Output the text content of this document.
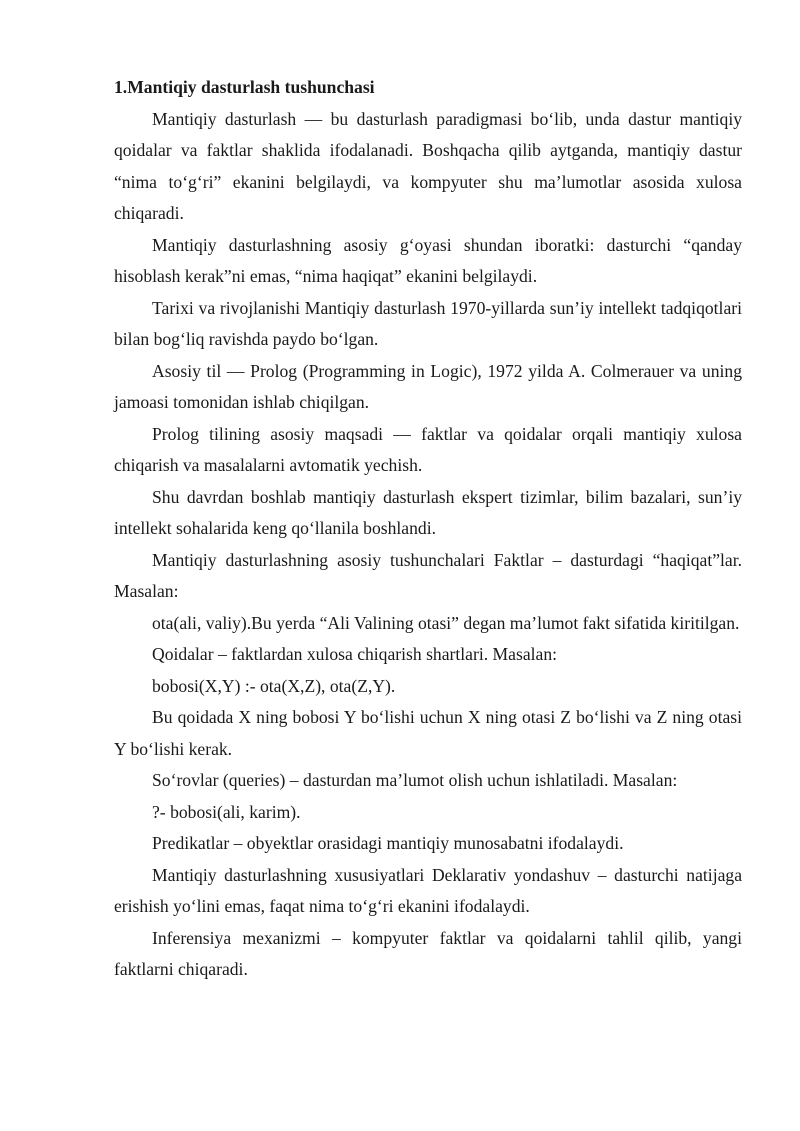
1.Mantiqiy dasturlash tushunchasi

Mantiqiy dasturlash — bu dasturlash paradigmasi bo‘lib, unda dastur mantiqiy qoidalar va faktlar shaklida ifodalanadi. Boshqacha qilib aytganda, mantiqiy dastur “nima to‘g‘ri” ekanini belgilaydi, va kompyuter shu ma’lumotlar asosida xulosa chiqaradi.

Mantiqiy dasturlashning asosiy g‘oyasi shundan iboratki: dasturchi “qanday hisoblash kerak”ni emas, “nima haqiqat” ekanini belgilaydi.

Tarixi va rivojlanishi Mantiqiy dasturlash 1970-yillarda sun’iy intellekt tadqiqotlari bilan bog‘liq ravishda paydo bo‘lgan.

Asosiy til — Prolog (Programming in Logic), 1972 yilda A. Colmerauer va uning jamoasi tomonidan ishlab chiqilgan.

Prolog tilining asosiy maqsadi — faktlar va qoidalar orqali mantiqiy xulosa chiqarish va masalalarni avtomatik yechish.

Shu davrdan boshlab mantiqiy dasturlash ekspert tizimlar, bilim bazalari, sun’iy intellekt sohalarida keng qo‘llanila boshlandi.

Mantiqiy dasturlashning asosiy tushunchalari Faktlar – dasturdagi “haqiqat”lar. Masalan:

ota(ali, valiy).Bu yerda “Ali Valining otasi” degan ma’lumot fakt sifatida kiritilgan.

Qoidalar – faktlardan xulosa chiqarish shartlari. Masalan:

bobosi(X,Y) :- ota(X,Z), ota(Z,Y).

Bu qoidada X ning bobosi Y bo‘lishi uchun X ning otasi Z bo‘lishi va Z ning otasi Y bo‘lishi kerak.

So‘rovlar (queries) – dasturdan ma’lumot olish uchun ishlatiladi. Masalan:

?- bobosi(ali, karim).

Predikatlar – obyektlar orasidagi mantiqiy munosabatni ifodalaydi.

Mantiqiy dasturlashning xususiyatlari Deklarativ yondashuv – dasturchi natijaga erishish yo‘lini emas, faqat nima to‘g‘ri ekanini ifodalaydi.

Inferensiya mexanizmi – kompyuter faktlar va qoidalarni tahlil qilib, yangi faktlarni chiqaradi.
